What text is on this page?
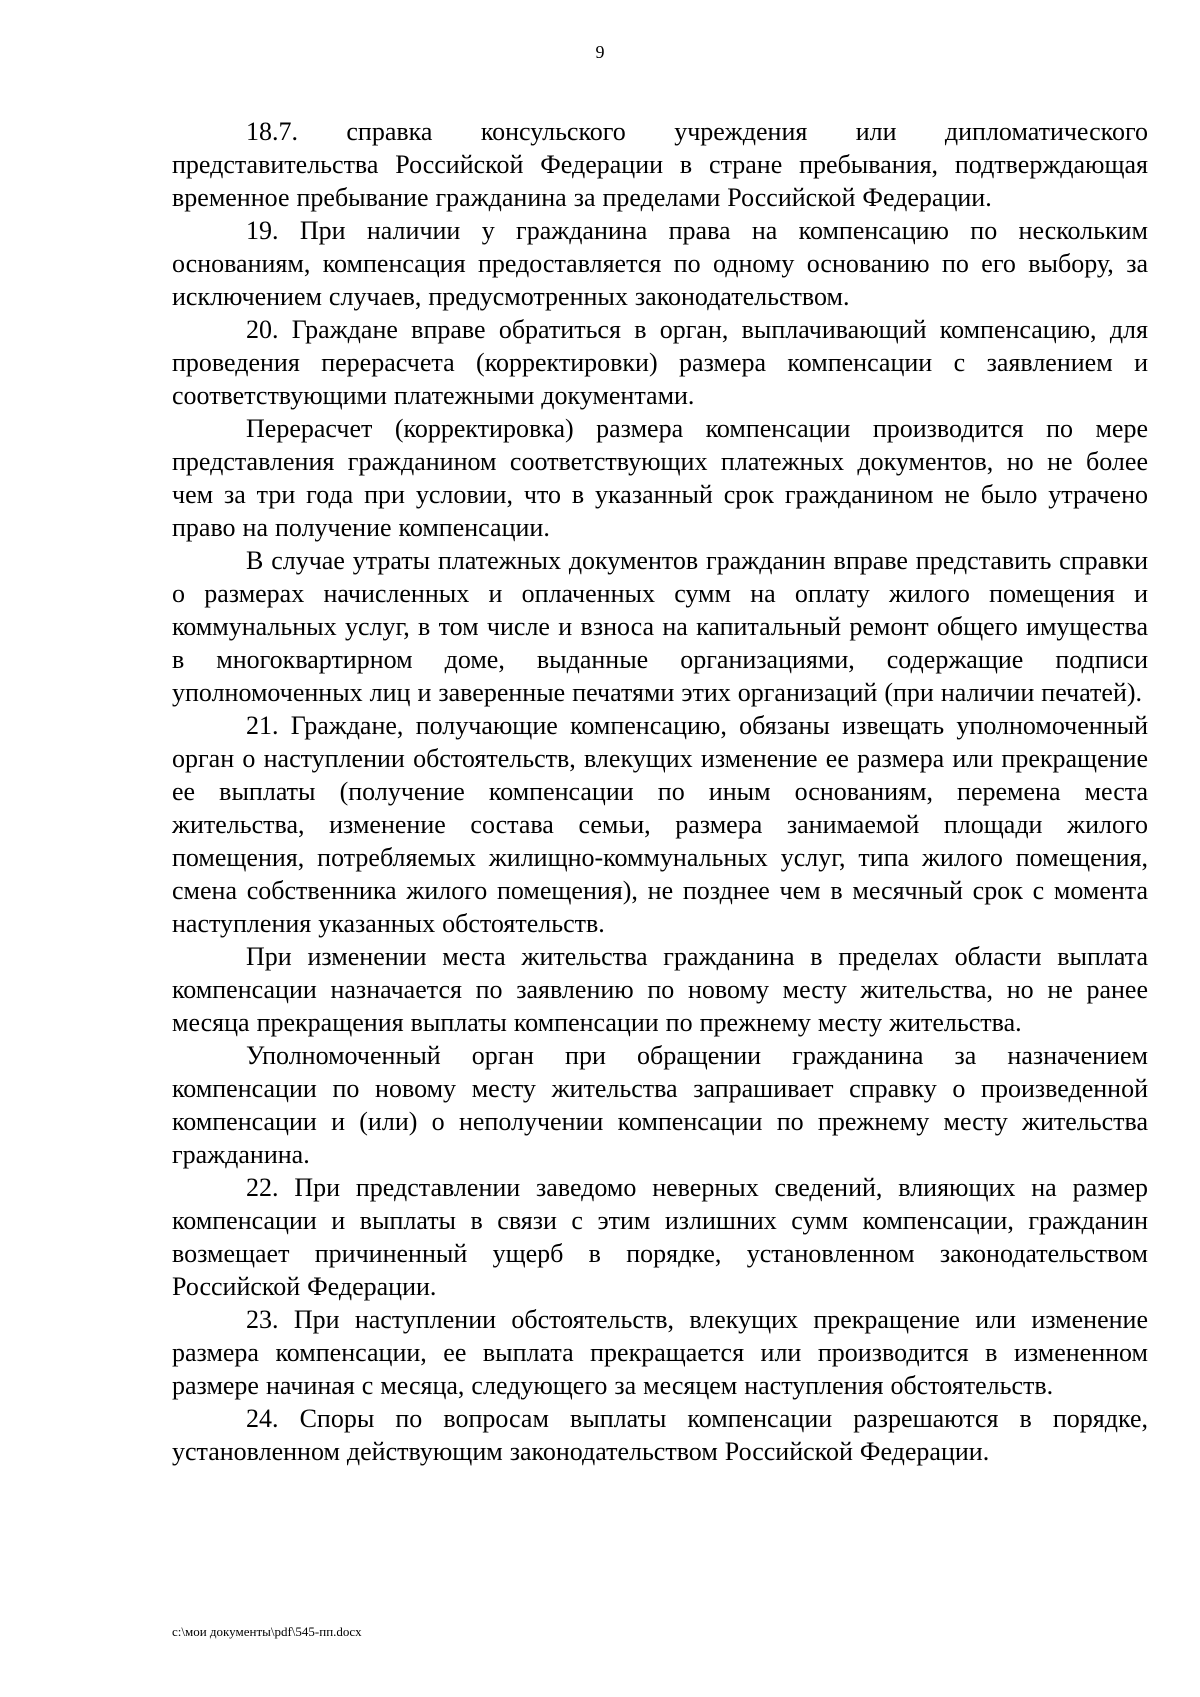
9

18.7. справка консульского учреждения или дипломатического представительства Российской Федерации в стране пребывания, подтверждающая временное пребывание гражданина за пределами Российской Федерации.

19. При наличии у гражданина права на компенсацию по нескольким основаниям, компенсация предоставляется по одному основанию по его выбору, за исключением случаев, предусмотренных законодательством.

20. Граждане вправе обратиться в орган, выплачивающий компенсацию, для проведения перерасчета (корректировки) размера компенсации с заявлением и соответствующими платежными документами.

Перерасчет (корректировка) размера компенсации производится по мере представления гражданином соответствующих платежных документов, но не более чем за три года при условии, что в указанный срок гражданином не было утрачено право на получение компенсации.

В случае утраты платежных документов гражданин вправе представить справки о размерах начисленных и оплаченных сумм на оплату жилого помещения и коммунальных услуг, в том числе и взноса на капитальный ремонт общего имущества в многоквартирном доме, выданные организациями, содержащие подписи уполномоченных лиц и заверенные печатями этих организаций (при наличии печатей).

21. Граждане, получающие компенсацию, обязаны извещать уполномоченный орган о наступлении обстоятельств, влекущих изменение ее размера или прекращение ее выплаты (получение компенсации по иным основаниям, перемена места жительства, изменение состава семьи, размера занимаемой площади жилого помещения, потребляемых жилищно-коммунальных услуг, типа жилого помещения, смена собственника жилого помещения), не позднее чем в месячный срок с момента наступления указанных обстоятельств.

При изменении места жительства гражданина в пределах области выплата компенсации назначается по заявлению по новому месту жительства, но не ранее месяца прекращения выплаты компенсации по прежнему месту жительства.

Уполномоченный орган при обращении гражданина за назначением компенсации по новому месту жительства запрашивает справку о произведенной компенсации и (или) о неполучении компенсации по прежнему месту жительства гражданина.

22. При представлении заведомо неверных сведений, влияющих на размер компенсации и выплаты в связи с этим излишних сумм компенсации, гражданин возмещает причиненный ущерб в порядке, установленном законодательством Российской Федерации.

23. При наступлении обстоятельств, влекущих прекращение или изменение размера компенсации, ее выплата прекращается или производится в измененном размере начиная с месяца, следующего за месяцем наступления обстоятельств.

24. Споры по вопросам выплаты компенсации разрешаются в порядке, установленном действующим законодательством Российской Федерации.

c:\мои документы\pdf\545-пп.docx
